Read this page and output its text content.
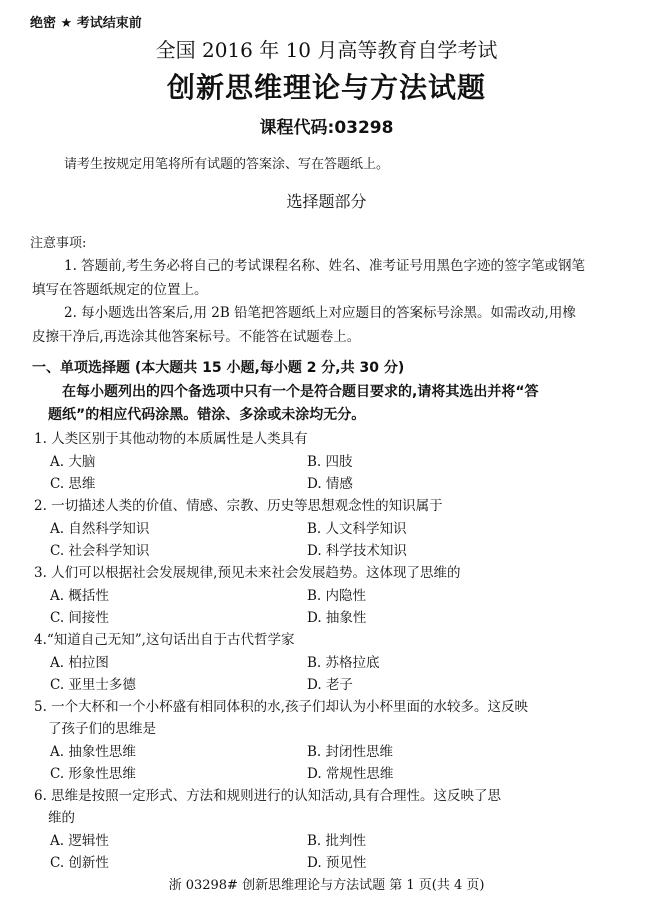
绝密 ★ 考试结束前
全国 2016 年 10 月高等教育自学考试
创新思维理论与方法试题
课程代码:03298
请考生按规定用笔将所有试题的答案涂、写在答题纸上。
选择题部分
注意事项:
1. 答题前,考生务必将自己的考试课程名称、姓名、准考证号用黑色字迹的签字笔或钢笔
填写在答题纸规定的位置上。
2. 每小题选出答案后,用 2B 铅笔把答题纸上对应题目的答案标号涂黑。如需改动,用橡
皮擦干净后,再选涂其他答案标号。不能答在试题卷上。
一、单项选择题 (本大题共 15 小题,每小题 2 分,共 30 分)
在每小题列出的四个备选项中只有一个是符合题目要求的,请将其选出并将“答
题纸”的相应代码涂黑。错涂、多涂或未涂均无分。
1. 人类区别于其他动物的本质属性是人类具有
A. 大脑	B. 四肢
C. 思维	D. 情感
2. 一切描述人类的价值、情感、宗教、历史等思想观念性的知识属于
A. 自然科学知识	B. 人文科学知识
C. 社会科学知识	D. 科学技术知识
3. 人们可以根据社会发展规律,预见未来社会发展趋势。这体现了思维的
A. 概括性	B. 内隐性
C. 间接性	D. 抽象性
4.“知道自己无知”,这句话出自于古代哲学家
A. 柏拉图	B. 苏格拉底
C. 亚里士多德	D. 老子
5. 一个大杯和一个小杯盛有相同体积的水,孩子们却认为小杯里面的水较多。这反映
了孩子们的思维是
A. 抽象性思维	B. 封闭性思维
C. 形象性思维	D. 常规性思维
6. 思维是按照一定形式、方法和规则进行的认知活动,具有合理性。这反映了思
维的
A. 逻辑性	B. 批判性
C. 创新性	D. 预见性
浙 03298# 创新思维理论与方法试题 第 1 页(共 4 页)
